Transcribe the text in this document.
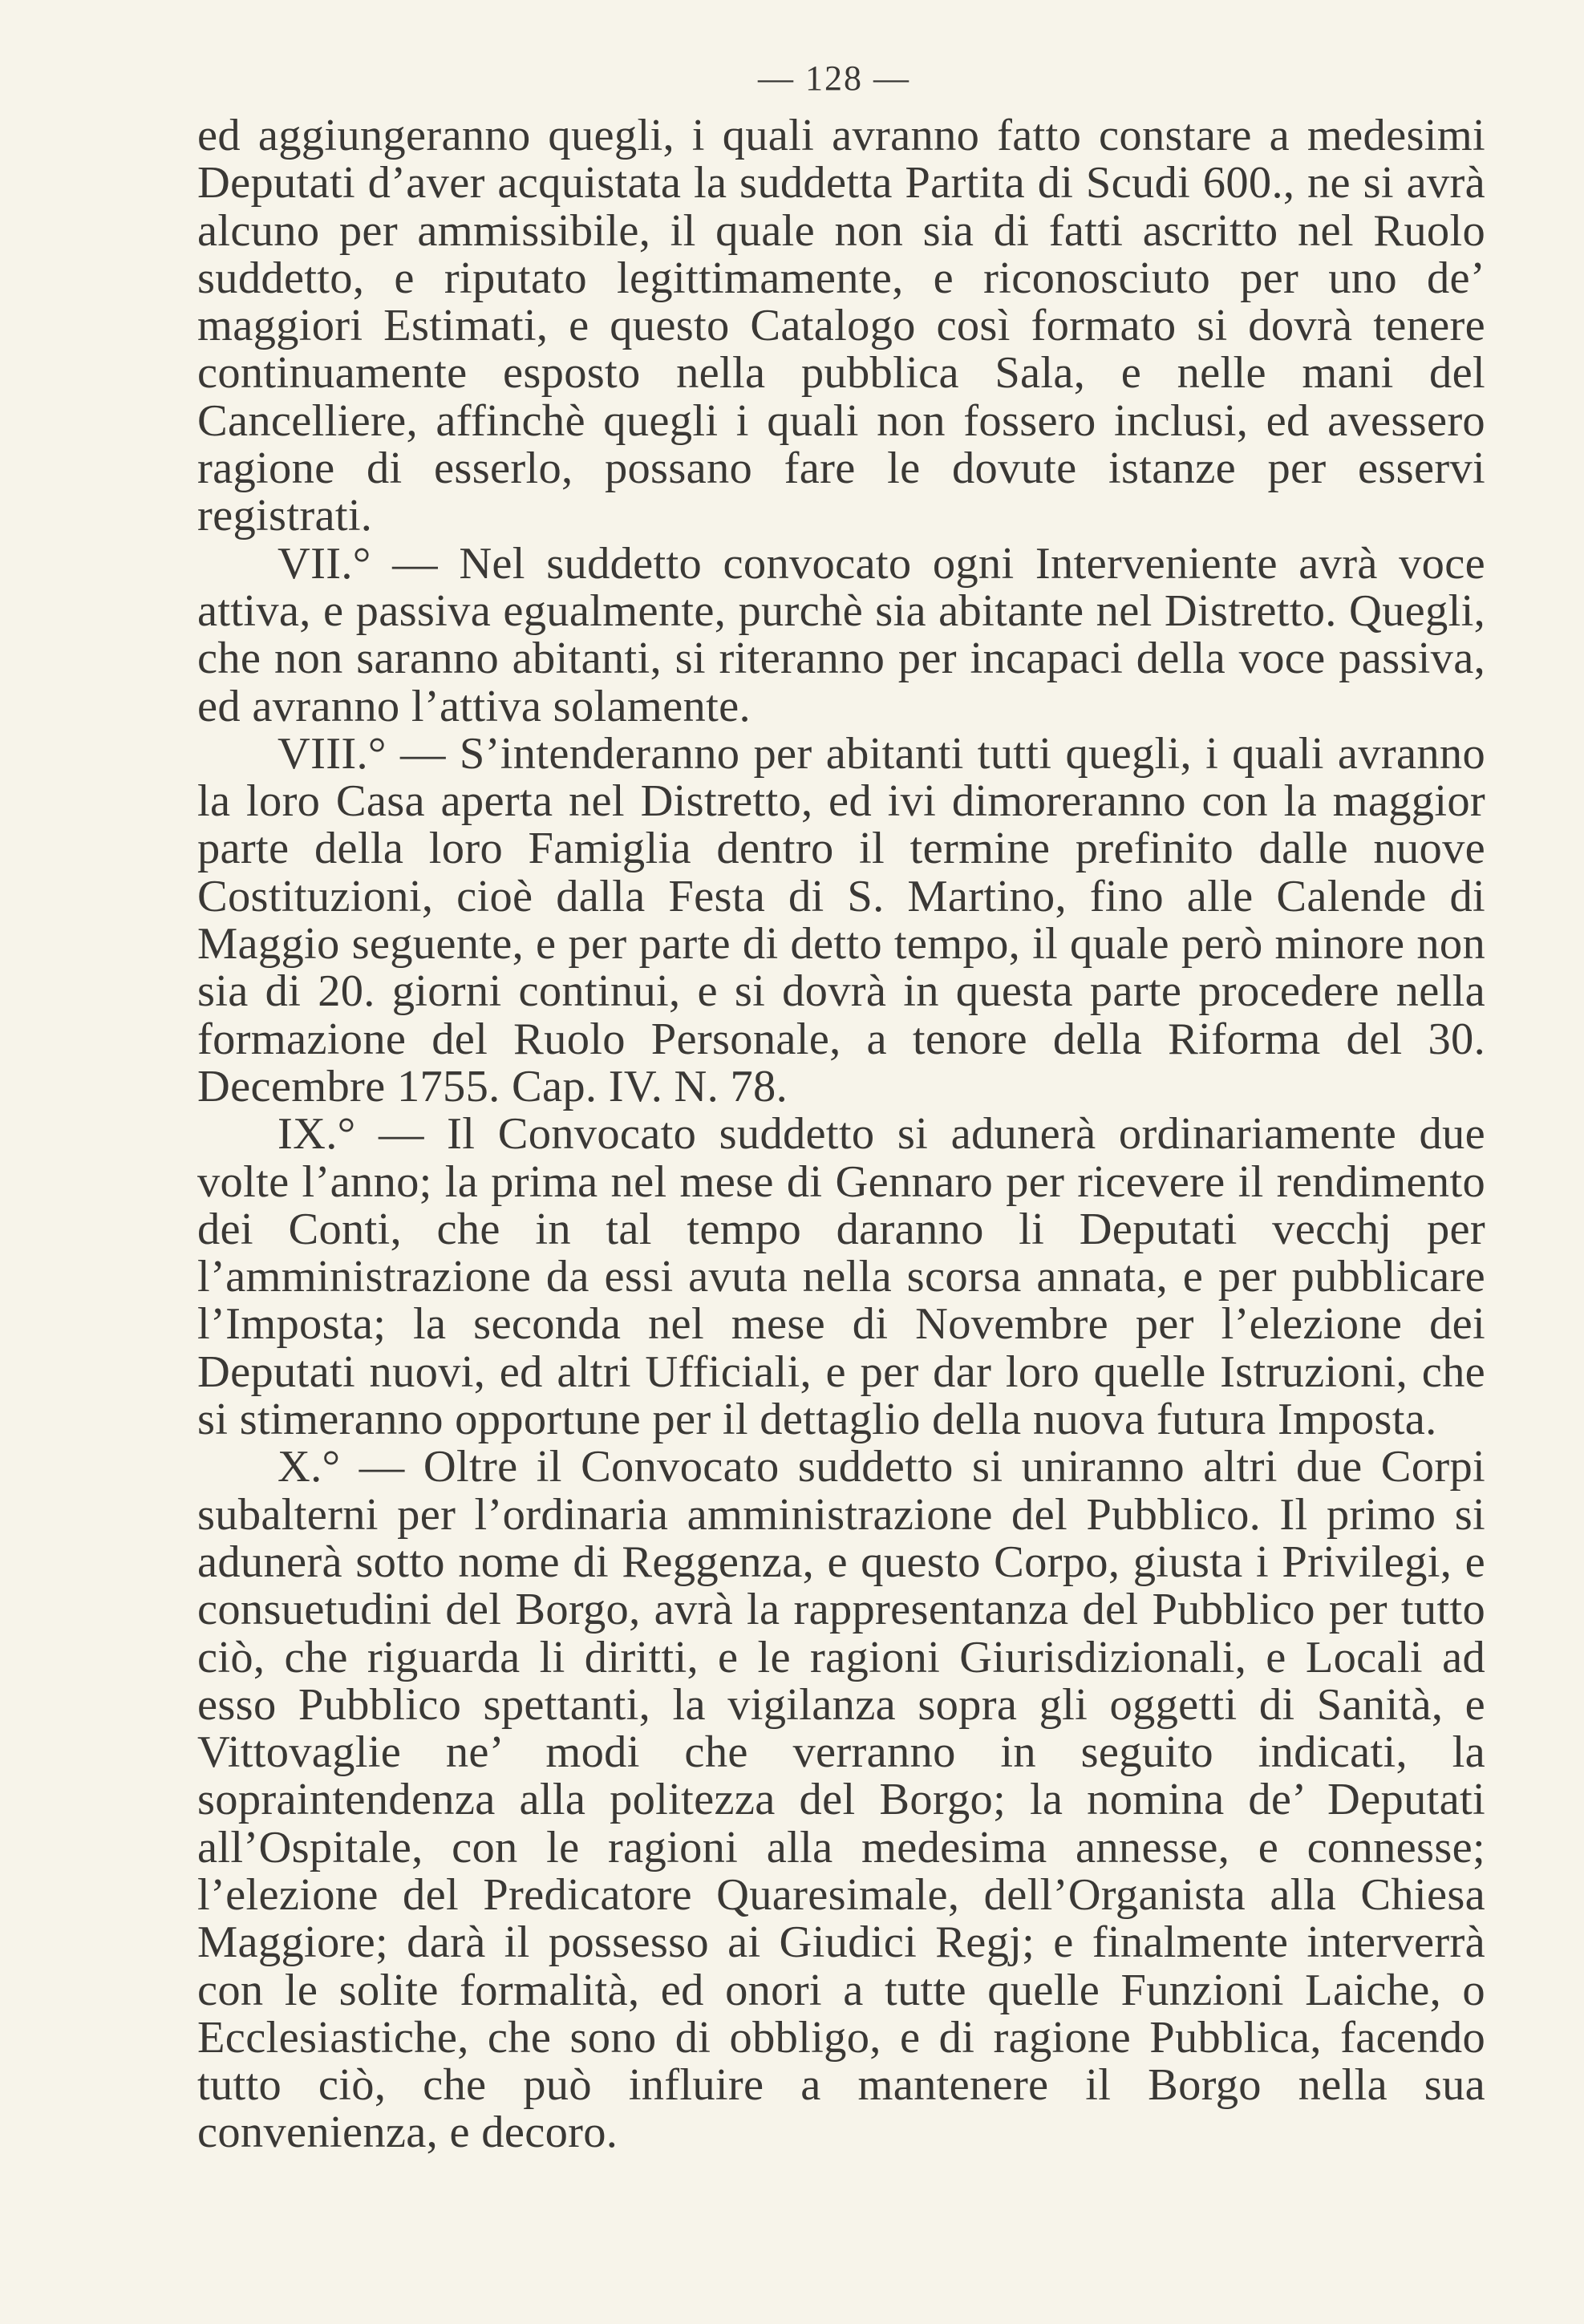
— 128 —

ed aggiungeranno quegli, i quali avranno fatto constare a medesimi Deputati d’aver acquistata la suddetta Partita di Scudi 600., ne si avrà alcuno per ammissibile, il quale non sia di fatti ascritto nel Ruolo suddetto, e riputato legittimamente, e riconosciuto per uno de’ maggiori Estimati, e questo Catalogo così formato si dovrà tenere continuamente esposto nella pubblica Sala, e nelle mani del Cancelliere, affinchè quegli i quali non fossero inclusi, ed avessero ragione di esserlo, possano fare le dovute istanze per esservi registrati.

VII.° — Nel suddetto convocato ogni Interveniente avrà voce attiva, e passiva egualmente, purchè sia abitante nel Distretto. Quegli, che non saranno abitanti, si riteranno per incapaci della voce passiva, ed avranno l’attiva solamente.

VIII.° — S’intenderanno per abitanti tutti quegli, i quali avranno la loro Casa aperta nel Distretto, ed ivi dimoreranno con la maggior parte della loro Famiglia dentro il termine prefinito dalle nuove Costituzioni, cioè dalla Festa di S. Martino, fino alle Calende di Maggio seguente, e per parte di detto tempo, il quale però minore non sia di 20. giorni continui, e si dovrà in questa parte procedere nella formazione del Ruolo Personale, a tenore della Riforma del 30. Decembre 1755. Cap. IV. N. 78.

IX.° — Il Convocato suddetto si adunerà ordinariamente due volte l’anno; la prima nel mese di Gennaro per ricevere il rendimento dei Conti, che in tal tempo daranno li Deputati vecchj per l’amministrazione da essi avuta nella scorsa annata, e per pubblicare l’Imposta; la seconda nel mese di Novembre per l’elezione dei Deputati nuovi, ed altri Ufficiali, e per dar loro quelle Istruzioni, che si stimeranno opportune per il dettaglio della nuova futura Imposta.

X.° — Oltre il Convocato suddetto si uniranno altri due Corpi subalterni per l’ordinaria amministrazione del Pubblico. Il primo si adunerà sotto nome di Reggenza, e questo Corpo, giusta i Privilegi, e consuetudini del Borgo, avrà la rappresentanza del Pubblico per tutto ciò, che riguarda li diritti, e le ragioni Giurisdizionali, e Locali ad esso Pubblico spettanti, la vigilanza sopra gli oggetti di Sanità, e Vittovaglie ne’ modi che verranno in seguito indicati, la sopraintendenza alla politezza del Borgo; la nomina de’ Deputati all’Ospitale, con le ragioni alla medesima annesse, e connesse; l’elezione del Predicatore Quaresimale, dell’Organista alla Chiesa Maggiore; darà il possesso ai Giudici Regj; e finalmente interverrà con le solite formalità, ed onori a tutte quelle Funzioni Laiche, o Ecclesiastiche, che sono di obbligo, e di ragione Pubblica, facendo tutto ciò, che può influire a mantenere il Borgo nella sua convenienza, e decoro.
